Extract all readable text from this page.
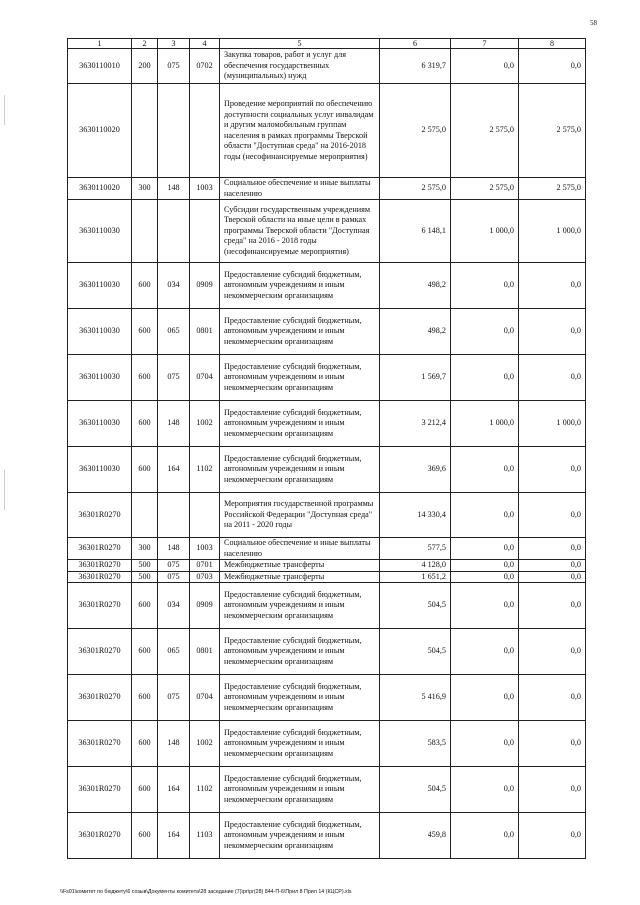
58
1	2	3	4	5	6	7	8
3630110010	200	075	0702	Закупка товаров, работ и услуг для обеспечения государственных (муниципальных) нужд	6 319,7	0,0	0,0
3630110020				Проведение мероприятий по обеспечению доступности социальных услуг инвалидам и другим маломобильным группам населения в рамках программы Тверской области "Доступная среда" на 2016-2018 годы (несофинансируемые мероприятия)	2 575,0	2 575,0	2 575,0
3630110020	300	148	1003	Социальное обеспечение и иные выплаты населению	2 575,0	2 575,0	2 575,0
3630110030				Субсидии государственным учреждениям Тверской области на иные цели в рамках программы Тверской области "Доступная среда" на 2016 - 2018 годы (несофинансируемые мероприятия)	6 148,1	1 000,0	1 000,0
3630110030	600	034	0909	Предоставление субсидий бюджетным, автономным учреждениям и иным некоммерческим организациям	498,2	0,0	0,0
3630110030	600	065	0801	Предоставление субсидий бюджетным, автономным учреждениям и иным некоммерческим организациям	498,2	0,0	0,0
3630110030	600	075	0704	Предоставление субсидий бюджетным, автономным учреждениям и иным некоммерческим организациям	1 569,7	0,0	0,0
3630110030	600	148	1002	Предоставление субсидий бюджетным, автономным учреждениям и иным некоммерческим организациям	3 212,4	1 000,0	1 000,0
3630110030	600	164	1102	Предоставление субсидий бюджетным, автономным учреждениям и иным некоммерческим организациям	369,6	0,0	0,0
36301R0270				Мероприятия государственной программы Российской Федерации "Доступная среда" на 2011 - 2020 годы	14 330,4	0,0	0,0
36301R0270	300	148	1003	Социальное обеспечение и иные выплаты населению	577,5	0,0	0,0
36301R0270	500	075	0701	Межбюджетные трансферты	4 128,0	0,0	0,0
36301R0270	500	075	0703	Межбюджетные трансферты	1 651,2	0,0	0,0
36301R0270	600	034	0909	Предоставление субсидий бюджетным, автономным учреждениям и иным некоммерческим организациям	504,5	0,0	0,0
36301R0270	600	065	0801	Предоставление субсидий бюджетным, автономным учреждениям и иным некоммерческим организациям	504,5	0,0	0,0
36301R0270	600	075	0704	Предоставление субсидий бюджетным, автономным учреждениям и иным некоммерческим организациям	5 416,9	0,0	0,0
36301R0270	600	148	1002	Предоставление субсидий бюджетным, автономным учреждениям и иным некоммерческим организациям	583,5	0,0	0,0
36301R0270	600	164	1102	Предоставление субсидий бюджетным, автономным учреждениям и иным некоммерческим организациям	504,5	0,0	0,0
36301R0270	600	164	1103	Предоставление субсидий бюджетным, автономным учреждениям и иным некоммерческим организациям	459,8	0,0	0,0
\\Fs01\комитет по бюджету\6 созыв\Документы комитета\28 заседание (7)\pr\pr(28) 844-П-6\Прил 8 Прил 14 (КЦСР).xls
